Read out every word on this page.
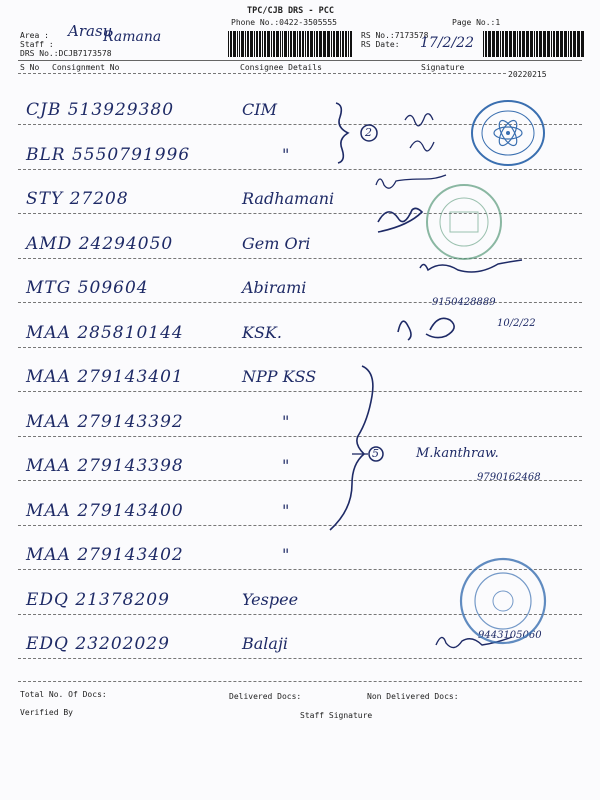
TPC/CJB DRS - PCC
Phone No.:0422-3505555	Page No.:1
Area : Arasu
Staff :	Ramana
DRS No.:DCJB7173578
RS No.:7173578
RS Date: 17/2/22
S No Consignment No	Consignee Details	Signature
20220215
CJB 513929380	CIM
BLR 5550791996	"
STY 27208	Radhamani
AMD 24294050	Gem Ori
MTG 509604	Abirami
MAA 285810144	KSK.
MAA 279143401	NPP KSS
MAA 279143392	"
MAA 279143398	"
MAA 279143400	"
MAA 279143402	"
EDQ 21378209	Yespee
EDQ 23202029	Balaji
2
5
9150428889
10/2/22
M.kanthraw.
9790162468
9443105060
Total No. Of Docs:	Delivered Docs:	Non Delivered Docs:
Verified By	Staff Signature
